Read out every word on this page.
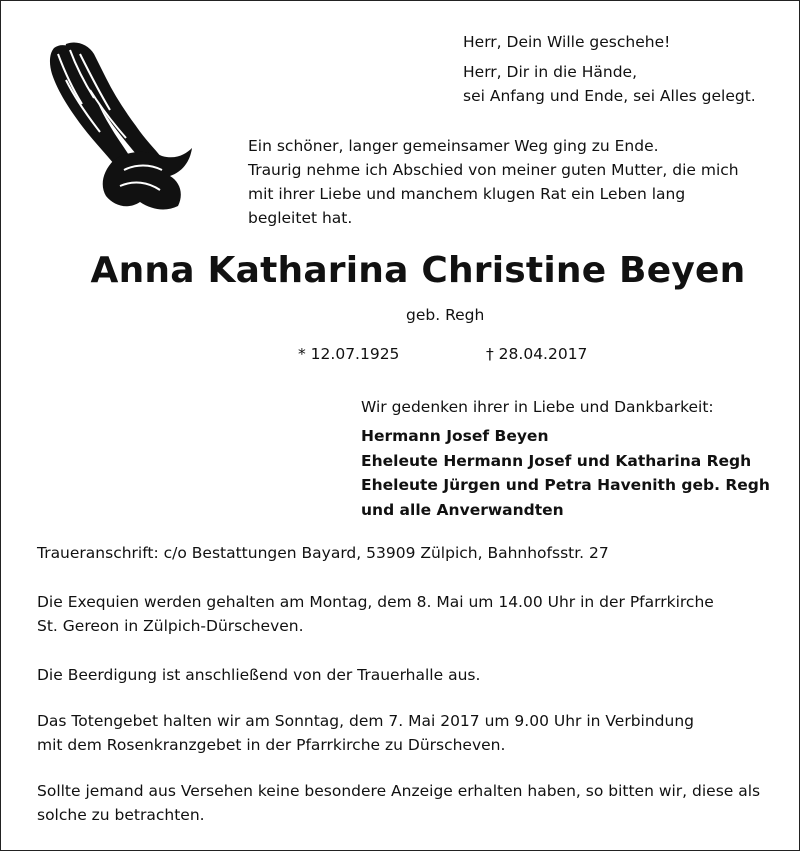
Herr, Dein Wille geschehe!
Herr, Dir in die Hände,
sei Anfang und Ende, sei Alles gelegt.
Ein schöner, langer gemeinsamer Weg ging zu Ende.
Traurig nehme ich Abschied von meiner guten Mutter, die mich
mit ihrer Liebe und manchem klugen Rat ein Leben lang
begleitet hat.
Anna Katharina Christine Beyen

geb. Regh

* 12.07.1925	† 28.04.2017

Wir gedenken ihrer in Liebe und Dankbarkeit:

Hermann Josef Beyen
Eheleute Hermann Josef und Katharina Regh
Eheleute Jürgen und Petra Havenith geb. Regh
und alle Anverwandten

Traueranschrift: c/o Bestattungen Bayard, 53909 Zülpich, Bahnhofsstr. 27

Die Exequien werden gehalten am Montag, dem 8. Mai um 14.00 Uhr in der Pfarrkirche
St. Gereon in Zülpich-Dürscheven.

Die Beerdigung ist anschließend von der Trauerhalle aus.

Das Totengebet halten wir am Sonntag, dem 7. Mai 2017 um 9.00 Uhr in Verbindung
mit dem Rosenkranzgebet in der Pfarrkirche zu Dürscheven.
Sollte jemand aus Versehen keine besondere Anzeige erhalten haben, so bitten wir, diese als
solche zu betrachten.
